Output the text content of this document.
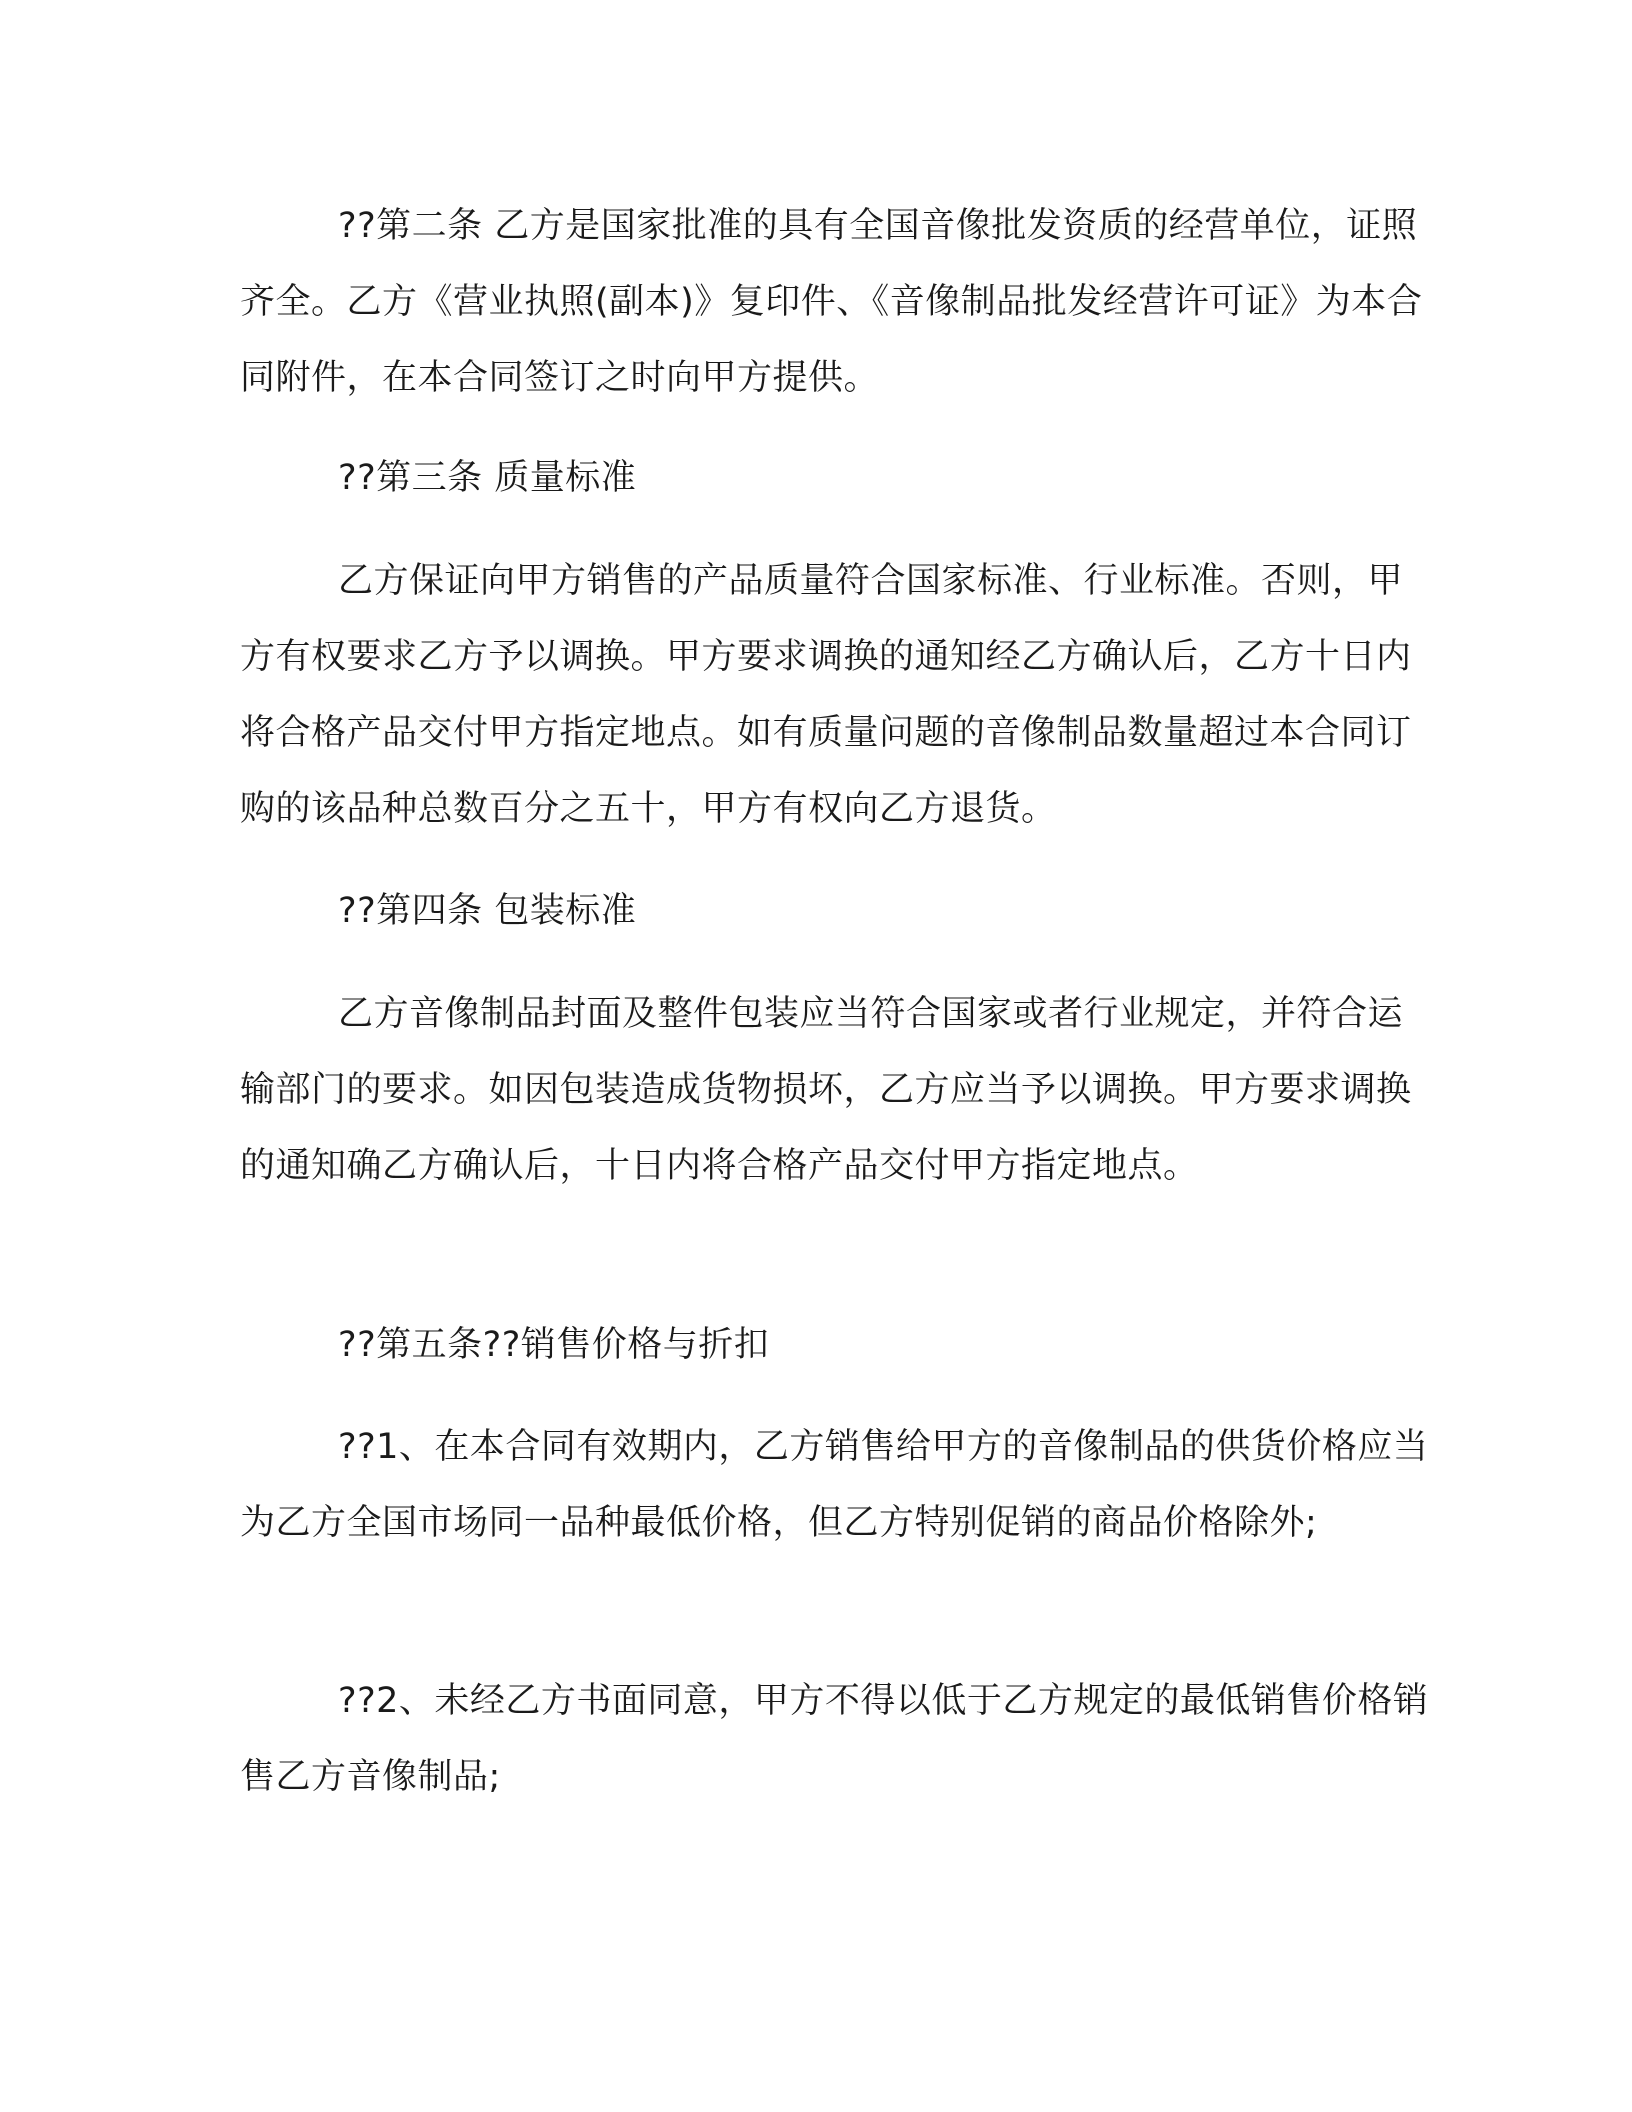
??第二条 乙方是国家批准的具有全国音像批发资质的经营单位，证照齐全。乙方《营业执照(副本)》复印件、《音像制品批发经营许可证》为本合同附件，在本合同签订之时向甲方提供。

??第三条 质量标准

乙方保证向甲方销售的产品质量符合国家标准、行业标准。否则，甲方有权要求乙方予以调换。甲方要求调换的通知经乙方确认后，乙方十日内将合格产品交付甲方指定地点。如有质量问题的音像制品数量超过本合同订购的该品种总数百分之五十，甲方有权向乙方退货。

??第四条 包装标准

乙方音像制品封面及整件包装应当符合国家或者行业规定，并符合运输部门的要求。如因包装造成货物损坏，乙方应当予以调换。甲方要求调换的通知确乙方确认后，十日内将合格产品交付甲方指定地点。

??第五条??销售价格与折扣

??1、在本合同有效期内，乙方销售给甲方的音像制品的供货价格应当为乙方全国市场同一品种最低价格，但乙方特别促销的商品价格除外;

??2、未经乙方书面同意，甲方不得以低于乙方规定的最低销售价格销售乙方音像制品;
